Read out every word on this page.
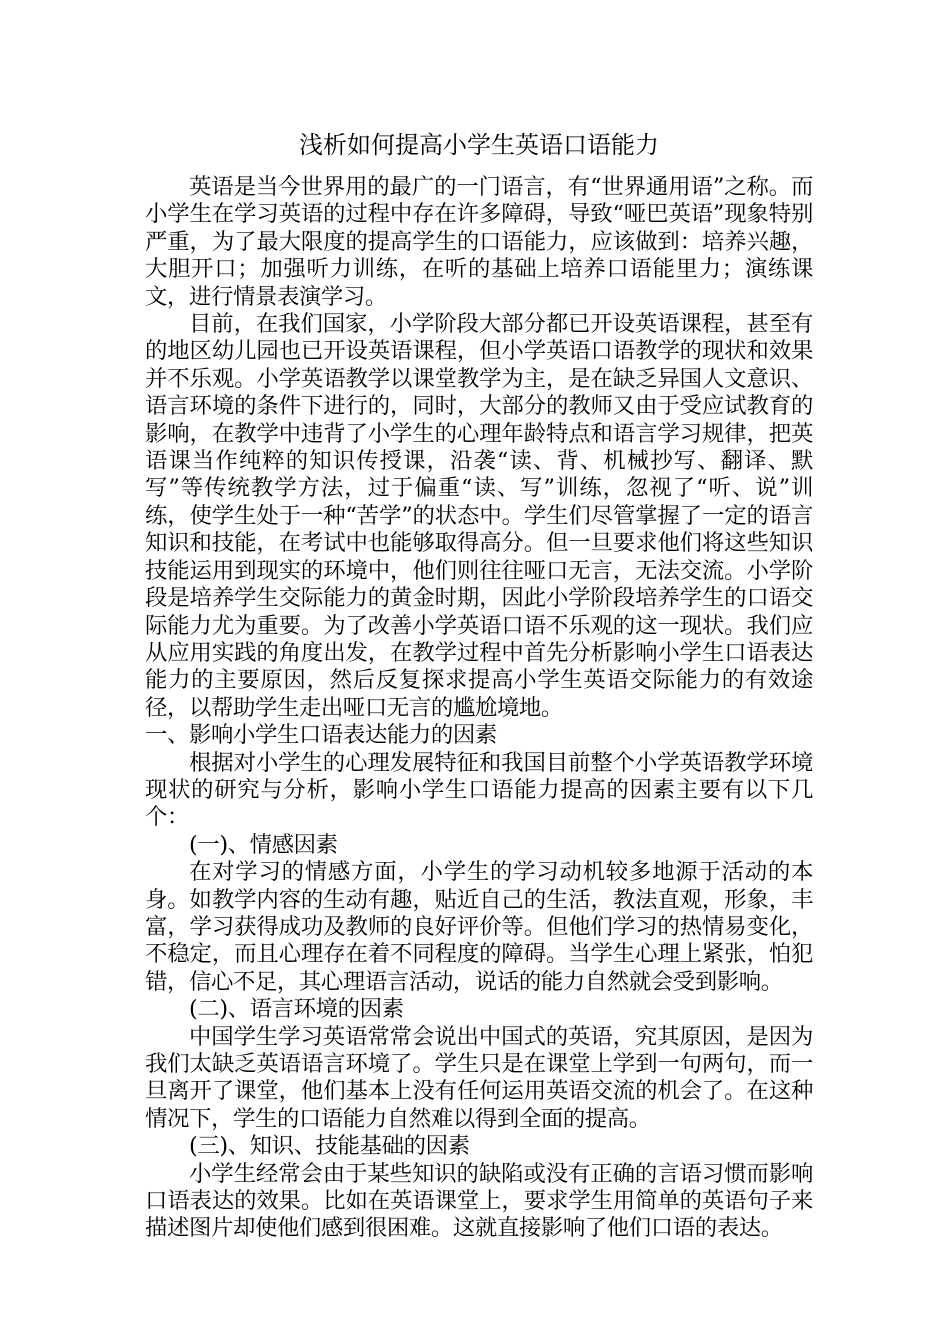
浅析如何提高小学生英语口语能力

英语是当今世界用的最广的一门语言，有“世界通用语”之称。而小学生在学习英语的过程中存在许多障碍，导致“哑巴英语”现象特别严重，为了最大限度的提高学生的口语能力，应该做到：培养兴趣，大胆开口；加强听力训练，在听的基础上培养口语能里力；演练课文，进行情景表演学习。

目前，在我们国家，小学阶段大部分都已开设英语课程，甚至有的地区幼儿园也已开设英语课程，但小学英语口语教学的现状和效果并不乐观。小学英语教学以课堂教学为主，是在缺乏异国人文意识、语言环境的条件下进行的，同时，大部分的教师又由于受应试教育的影响，在教学中违背了小学生的心理年龄特点和语言学习规律，把英语课当作纯粹的知识传授课，沿袭“读、背、机械抄写、翻译、默写”等传统教学方法，过于偏重“读、写”训练，忽视了“听、说”训练，使学生处于一种“苦学”的状态中。学生们尽管掌握了一定的语言知识和技能，在考试中也能够取得高分。但一旦要求他们将这些知识技能运用到现实的环境中，他们则往往哑口无言，无法交流。小学阶段是培养学生交际能力的黄金时期，因此小学阶段培养学生的口语交际能力尤为重要。为了改善小学英语口语不乐观的这一现状。我们应从应用实践的角度出发，在教学过程中首先分析影响小学生口语表达能力的主要原因，然后反复探求提高小学生英语交际能力的有效途径，以帮助学生走出哑口无言的尴尬境地。

一、影响小学生口语表达能力的因素

根据对小学生的心理发展特征和我国目前整个小学英语教学环境现状的研究与分析，影响小学生口语能力提高的因素主要有以下几个：

(一)、情感因素

在对学习的情感方面，小学生的学习动机较多地源于活动的本身。如教学内容的生动有趣，贴近自己的生活，教法直观，形象，丰富，学习获得成功及教师的良好评价等。但他们学习的热情易变化，不稳定，而且心理存在着不同程度的障碍。当学生心理上紧张，怕犯错，信心不足，其心理语言活动，说话的能力自然就会受到影响。

(二)、语言环境的因素

中国学生学习英语常常会说出中国式的英语，究其原因，是因为我们太缺乏英语语言环境了。学生只是在课堂上学到一句两句，而一旦离开了课堂，他们基本上没有任何运用英语交流的机会了。在这种情况下，学生的口语能力自然难以得到全面的提高。

(三)、知识、技能基础的因素

小学生经常会由于某些知识的缺陷或没有正确的言语习惯而影响口语表达的效果。比如在英语课堂上，要求学生用简单的英语句子来描述图片却使他们感到很困难。这就直接影响了他们口语的表达。
